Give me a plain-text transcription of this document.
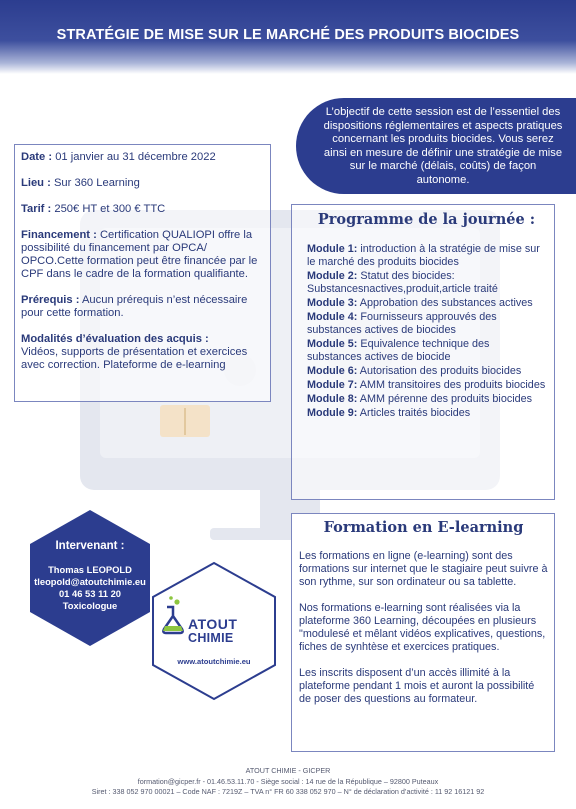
STRATÉGIE DE MISE SUR LE MARCHÉ DES PRODUITS BIOCIDES
L’objectif de cette session est de l’essentiel des dispositions réglementaires et aspects pratiques concernant les produits biocides. Vous serez ainsi en mesure de définir une stratégie de mise sur le marché (délais, coûts) de façon autonome.

Date : 01 janvier au 31 décembre 2022

Lieu : Sur 360 Learning

Tarif : 250€ HT et 300 € TTC

Financement : Certification QUALIOPI offre la possibilité du financement par OPCA/ OPCO.Cette formation peut être financée par le CPF dans le cadre de la formation qualifiante.

Prérequis : Aucun prérequis n’est nécessaire pour cette formation.

Modalités d’évaluation des acquis :
Vidéos, supports de présentation et exercices avec correction. Plateforme de e-learning

Programme de la journée :
Module 1: introduction à la stratégie de mise sur le marché des produits biocides
Module 2: Statut des biocides: Substancesnactives,produit,article traité
Module 3: Approbation des substances actives
Module 4: Fournisseurs approuvés des substances actives de biocides
Module 5: Equivalence technique des substances actives de biocide
Module 6: Autorisation des produits biocides
Module 7: AMM transitoires des produits biocides
Module 8: AMM pérenne des produits biocides
Module 9: Articles traités biocides
Formation en E-learning

Les formations en ligne (e-learning) sont des formations sur internet que le stagiaire peut suivre à son rythme, sur son ordinateur ou sa tablette.

Nos formations e-learning sont réalisées via la plateforme 360 Learning, découpées en plusieurs "modulesé et mêlant vidéos explicatives, questions, fiches de synhtèse et exercices pratiques.

Les inscrits disposent d’un accès illimité à la plateforme pendant 1 mois et auront la possibilité de poser des questions au formateur.

Intervenant :
Thomas LEOPOLD
tleopold@atoutchimie.eu
01 46 53 11 20
Toxicologue
ATOUT
CHIMIE
www.atoutchimie.eu
ATOUT CHIMIE - GICPER
formation@gicper.fr - 01.46.53.11.70 - Siège social : 14 rue de la République – 92800 Puteaux
Siret : 338 052 970 00021 – Code NAF : 7219Z – TVA n° FR 60 338 052 970 – N° de déclaration d’activité : 11 92 16121 92
